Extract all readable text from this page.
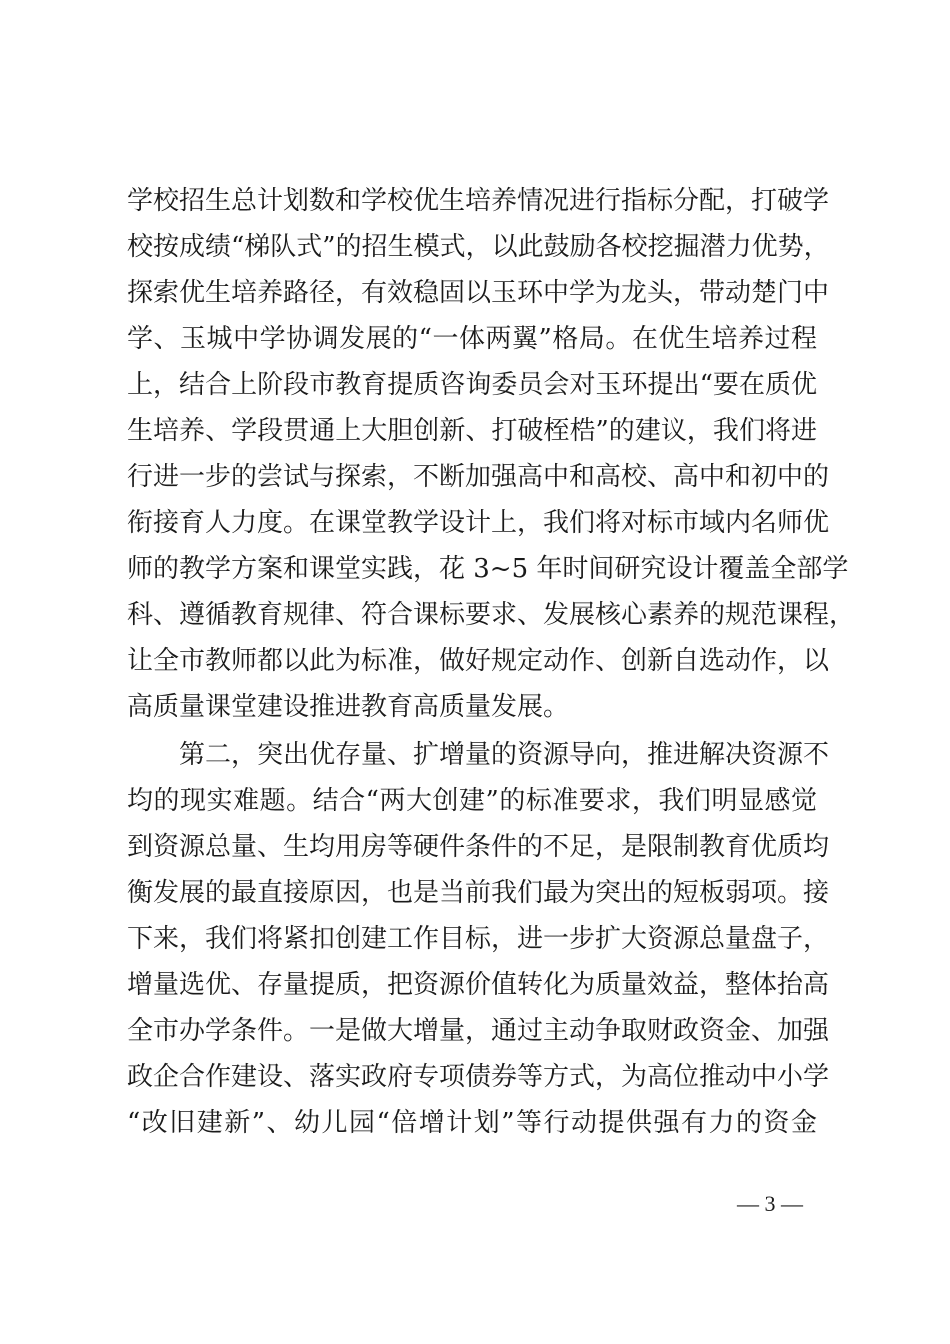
学校招生总计划数和学校优生培养情况进行指标分配，打破学
校按成绩“梯队式”的招生模式，以此鼓励各校挖掘潜力优势，
探索优生培养路径，有效稳固以玉环中学为龙头，带动楚门中
学、玉城中学协调发展的“一体两翼”格局。在优生培养过程
上，结合上阶段市教育提质咨询委员会对玉环提出“要在质优
生培养、学段贯通上大胆创新、打破桎梏”的建议，我们将进
行进一步的尝试与探索，不断加强高中和高校、高中和初中的
衔接育人力度。在课堂教学设计上，我们将对标市域内名师优
师的教学方案和课堂实践，花 3~5 年时间研究设计覆盖全部学
科、遵循教育规律、符合课标要求、发展核心素养的规范课程，
让全市教师都以此为标准，做好规定动作、创新自选动作，以
高质量课堂建设推进教育高质量发展。
第二，突出优存量、扩增量的资源导向，推进解决资源不
均的现实难题。结合“两大创建”的标准要求，我们明显感觉
到资源总量、生均用房等硬件条件的不足，是限制教育优质均
衡发展的最直接原因，也是当前我们最为突出的短板弱项。接
下来，我们将紧扣创建工作目标，进一步扩大资源总量盘子，
增量选优、存量提质，把资源价值转化为质量效益，整体抬高
全市办学条件。一是做大增量，通过主动争取财政资金、加强
政企合作建设、落实政府专项债券等方式，为高位推动中小学
“改旧建新”、幼儿园“倍增计划”等行动提供强有力的资金
— 3 —
